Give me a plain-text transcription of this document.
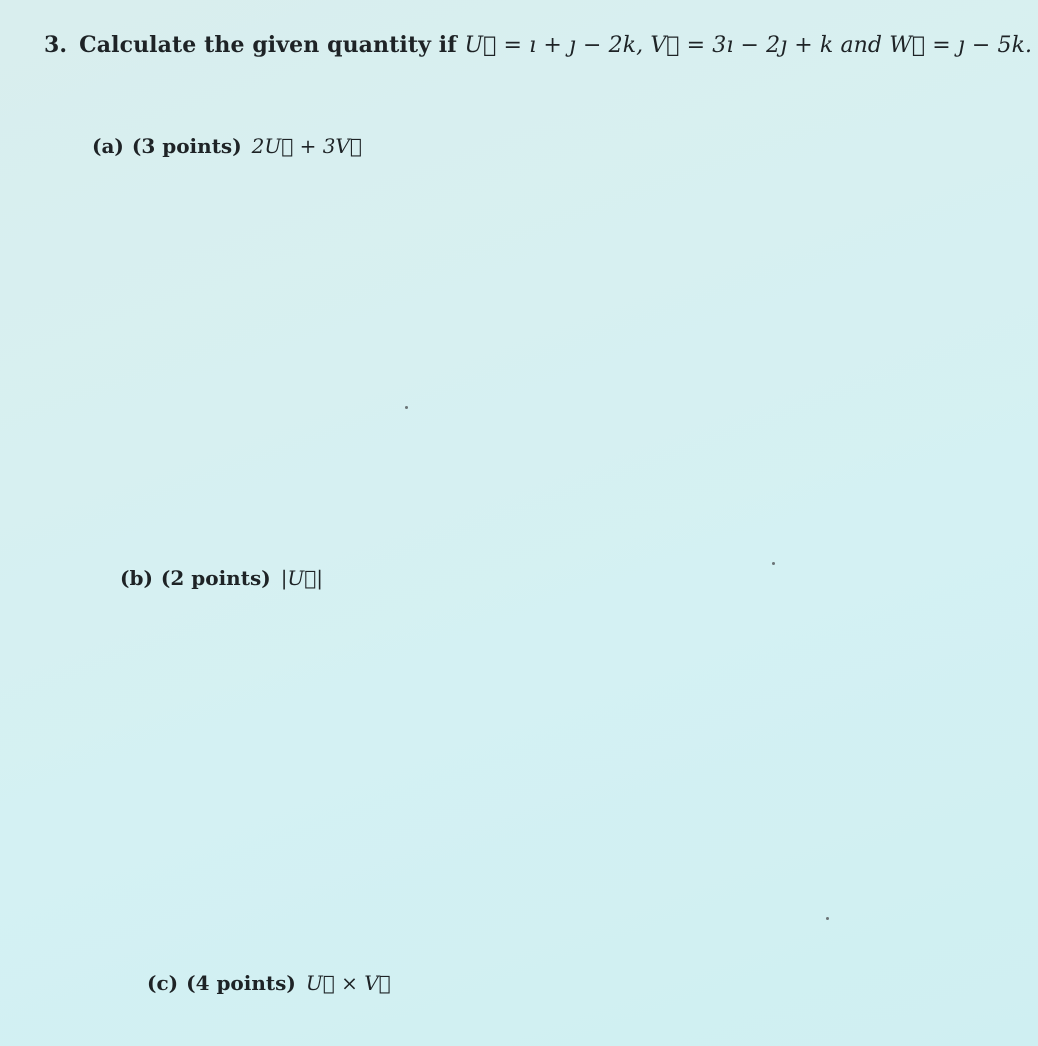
3. Calculate the given quantity if U⃗ = ı + ȷ − 2k, V⃗ = 3ı − 2ȷ + k and W⃗ = ȷ − 5k.
(a) (3 points) 2U⃗ + 3V⃗
(b) (2 points) |U⃗|
(c) (4 points) U⃗ × V⃗
